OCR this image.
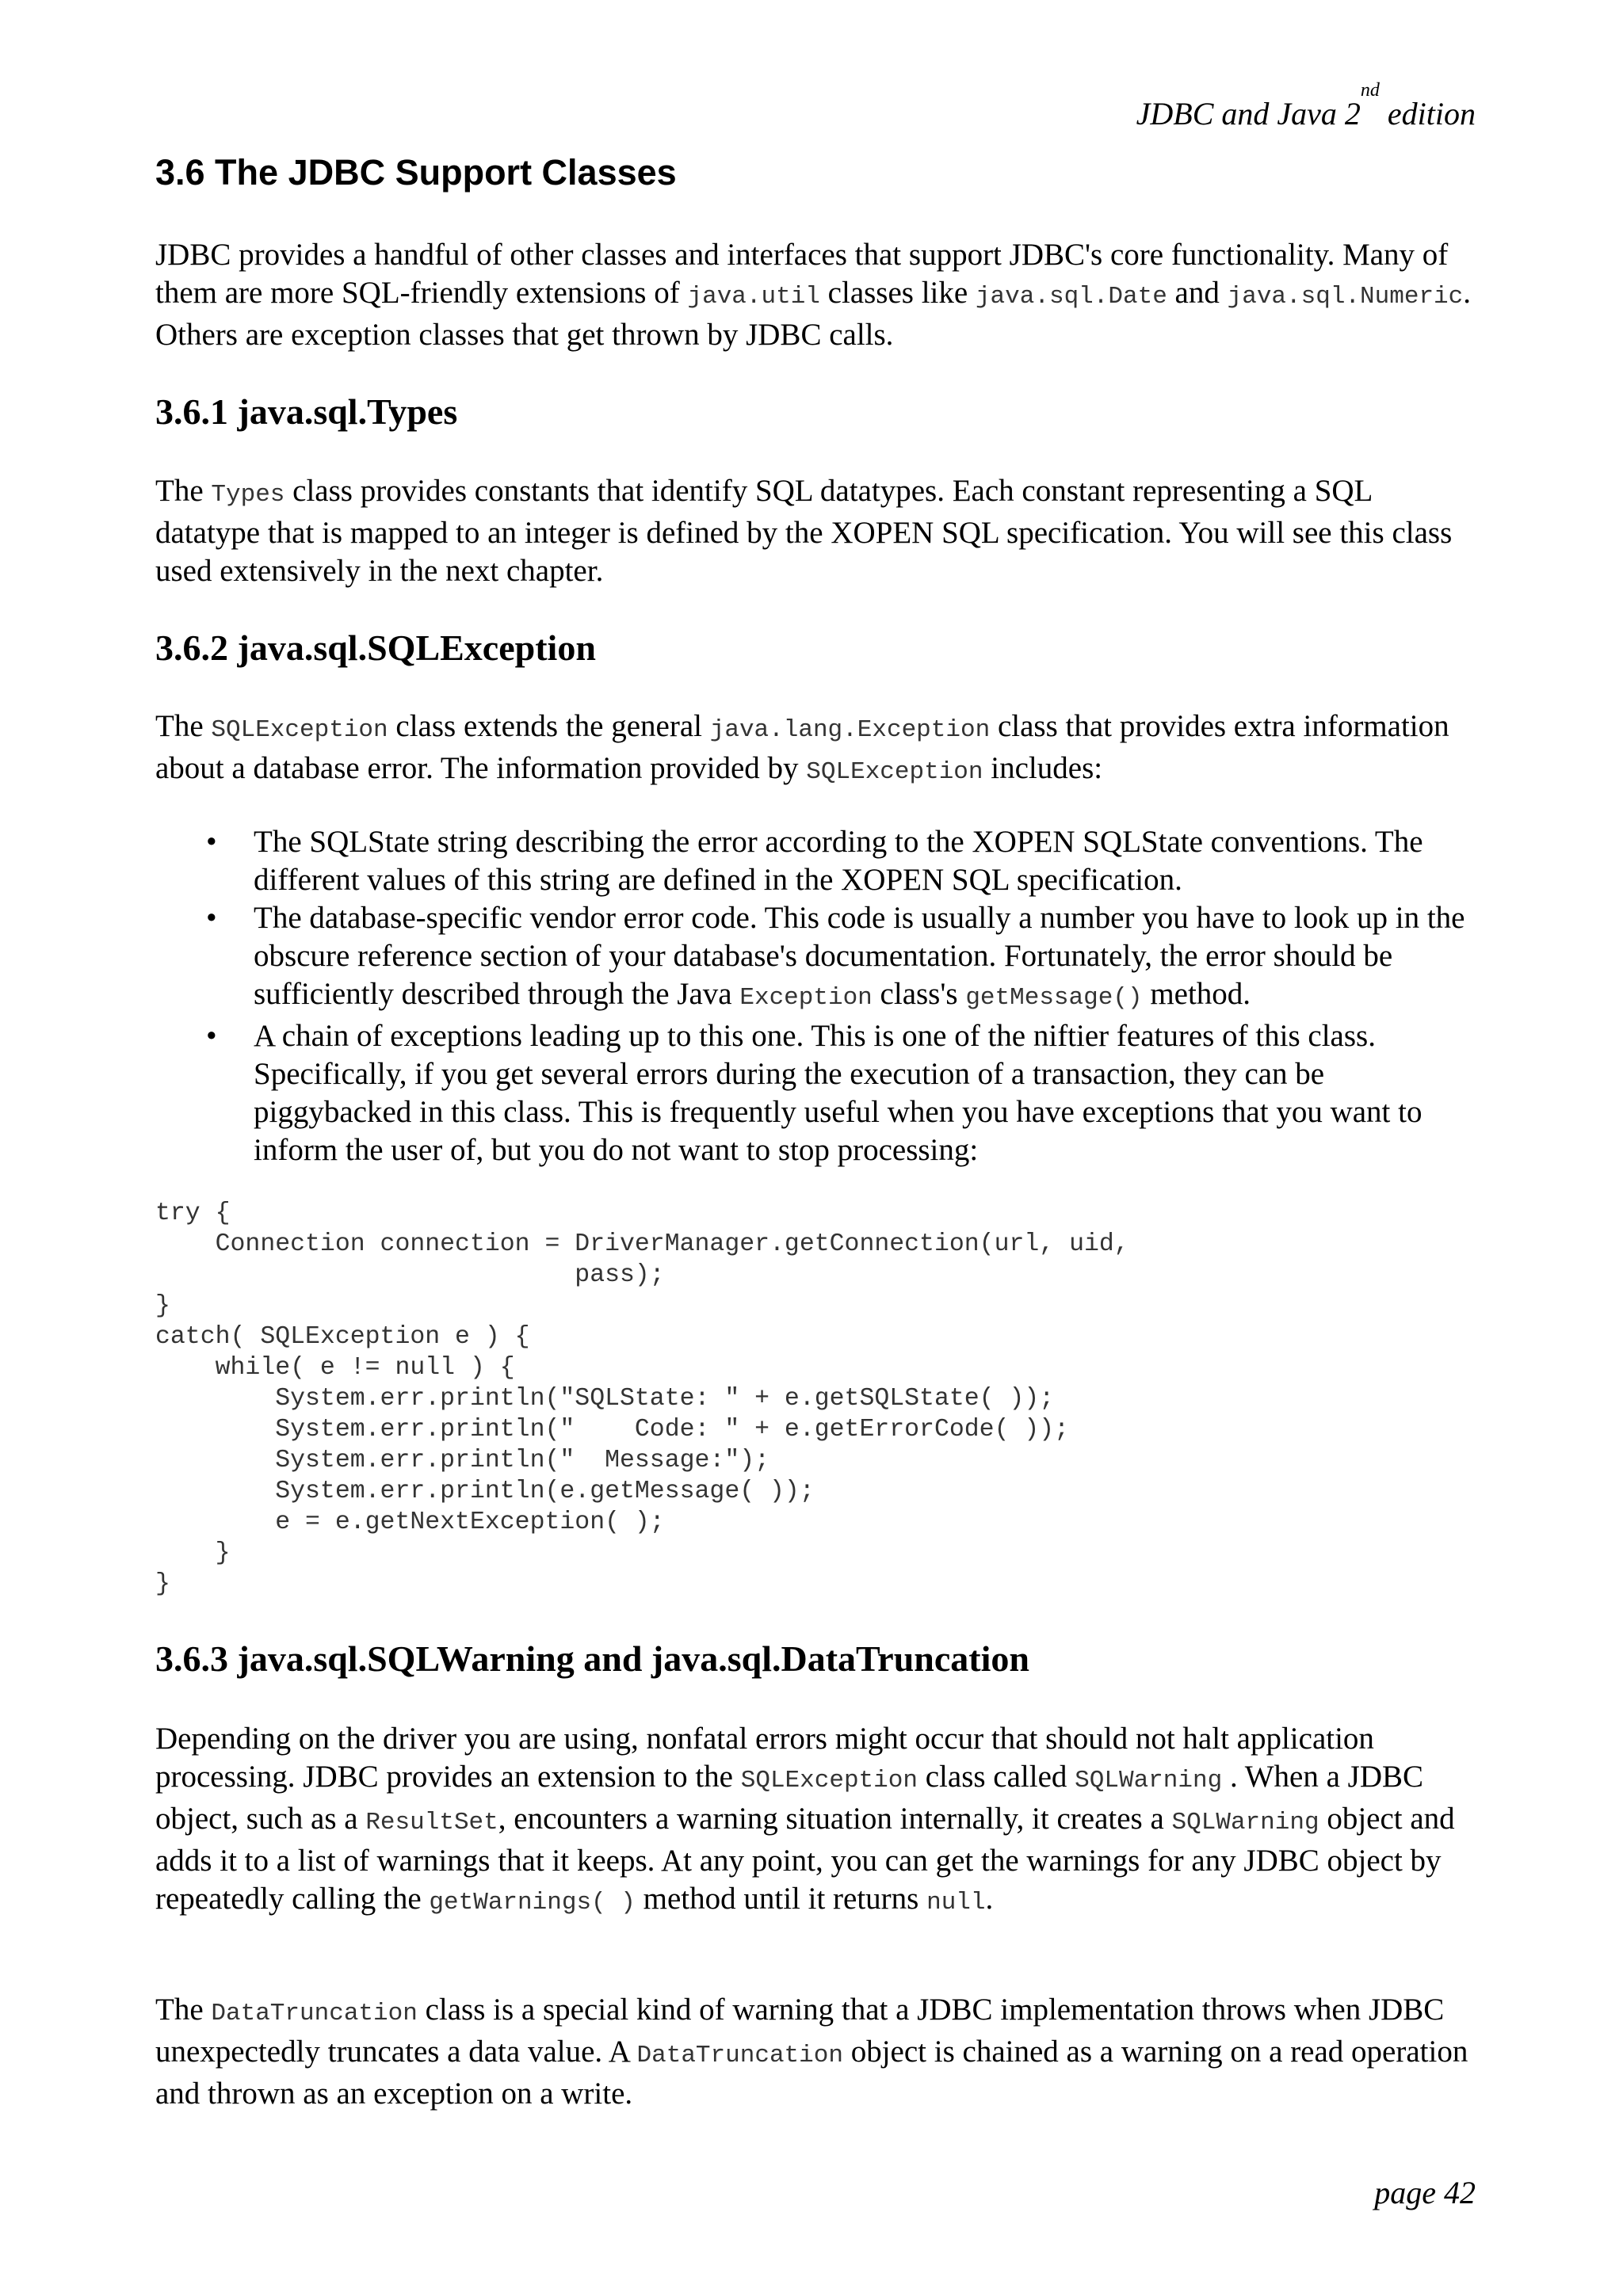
JDBC and Java 2nd edition
3.6 The JDBC Support Classes

JDBC provides a handful of other classes and interfaces that support JDBC's core functionality. Many of them are more SQL-friendly extensions of java.util classes like java.sql.Date and java.sql.Numeric. Others are exception classes that get thrown by JDBC calls.

3.6.1 java.sql.Types

The Types class provides constants that identify SQL datatypes. Each constant representing a SQL datatype that is mapped to an integer is defined by the XOPEN SQL specification. You will see this class used extensively in the next chapter.

3.6.2 java.sql.SQLException

The SQLException class extends the general java.lang.Exception class that provides extra information about a database error. The information provided by SQLException includes:

• The SQLState string describing the error according to the XOPEN SQLState conventions. The different values of this string are defined in the XOPEN SQL specification.
• The database-specific vendor error code. This code is usually a number you have to look up in the obscure reference section of your database's documentation. Fortunately, the error should be sufficiently described through the Java Exception class's getMessage() method.
• A chain of exceptions leading up to this one. This is one of the niftier features of this class. Specifically, if you get several errors during the execution of a transaction, they can be piggybacked in this class. This is frequently useful when you have exceptions that you want to inform the user of, but you do not want to stop processing:
try {
Connection connection = DriverManager.getConnection(url, uid,
pass);
}
catch( SQLException e ) {
while( e != null ) {
System.err.println("SQLState: " + e.getSQLState( ));
System.err.println("    Code: " + e.getErrorCode( ));
System.err.println("  Message:");
System.err.println(e.getMessage( ));
e = e.getNextException( );
}
}
3.6.3 java.sql.SQLWarning and java.sql.DataTruncation

Depending on the driver you are using, nonfatal errors might occur that should not halt application processing. JDBC provides an extension to the SQLException class called SQLWarning . When a JDBC object, such as a ResultSet, encounters a warning situation internally, it creates a SQLWarning object and adds it to a list of warnings that it keeps. At any point, you can get the warnings for any JDBC object by repeatedly calling the getWarnings( ) method until it returns null.

The DataTruncation class is a special kind of warning that a JDBC implementation throws when JDBC unexpectedly truncates a data value. A DataTruncation object is chained as a warning on a read operation and thrown as an exception on a write.

page 42
